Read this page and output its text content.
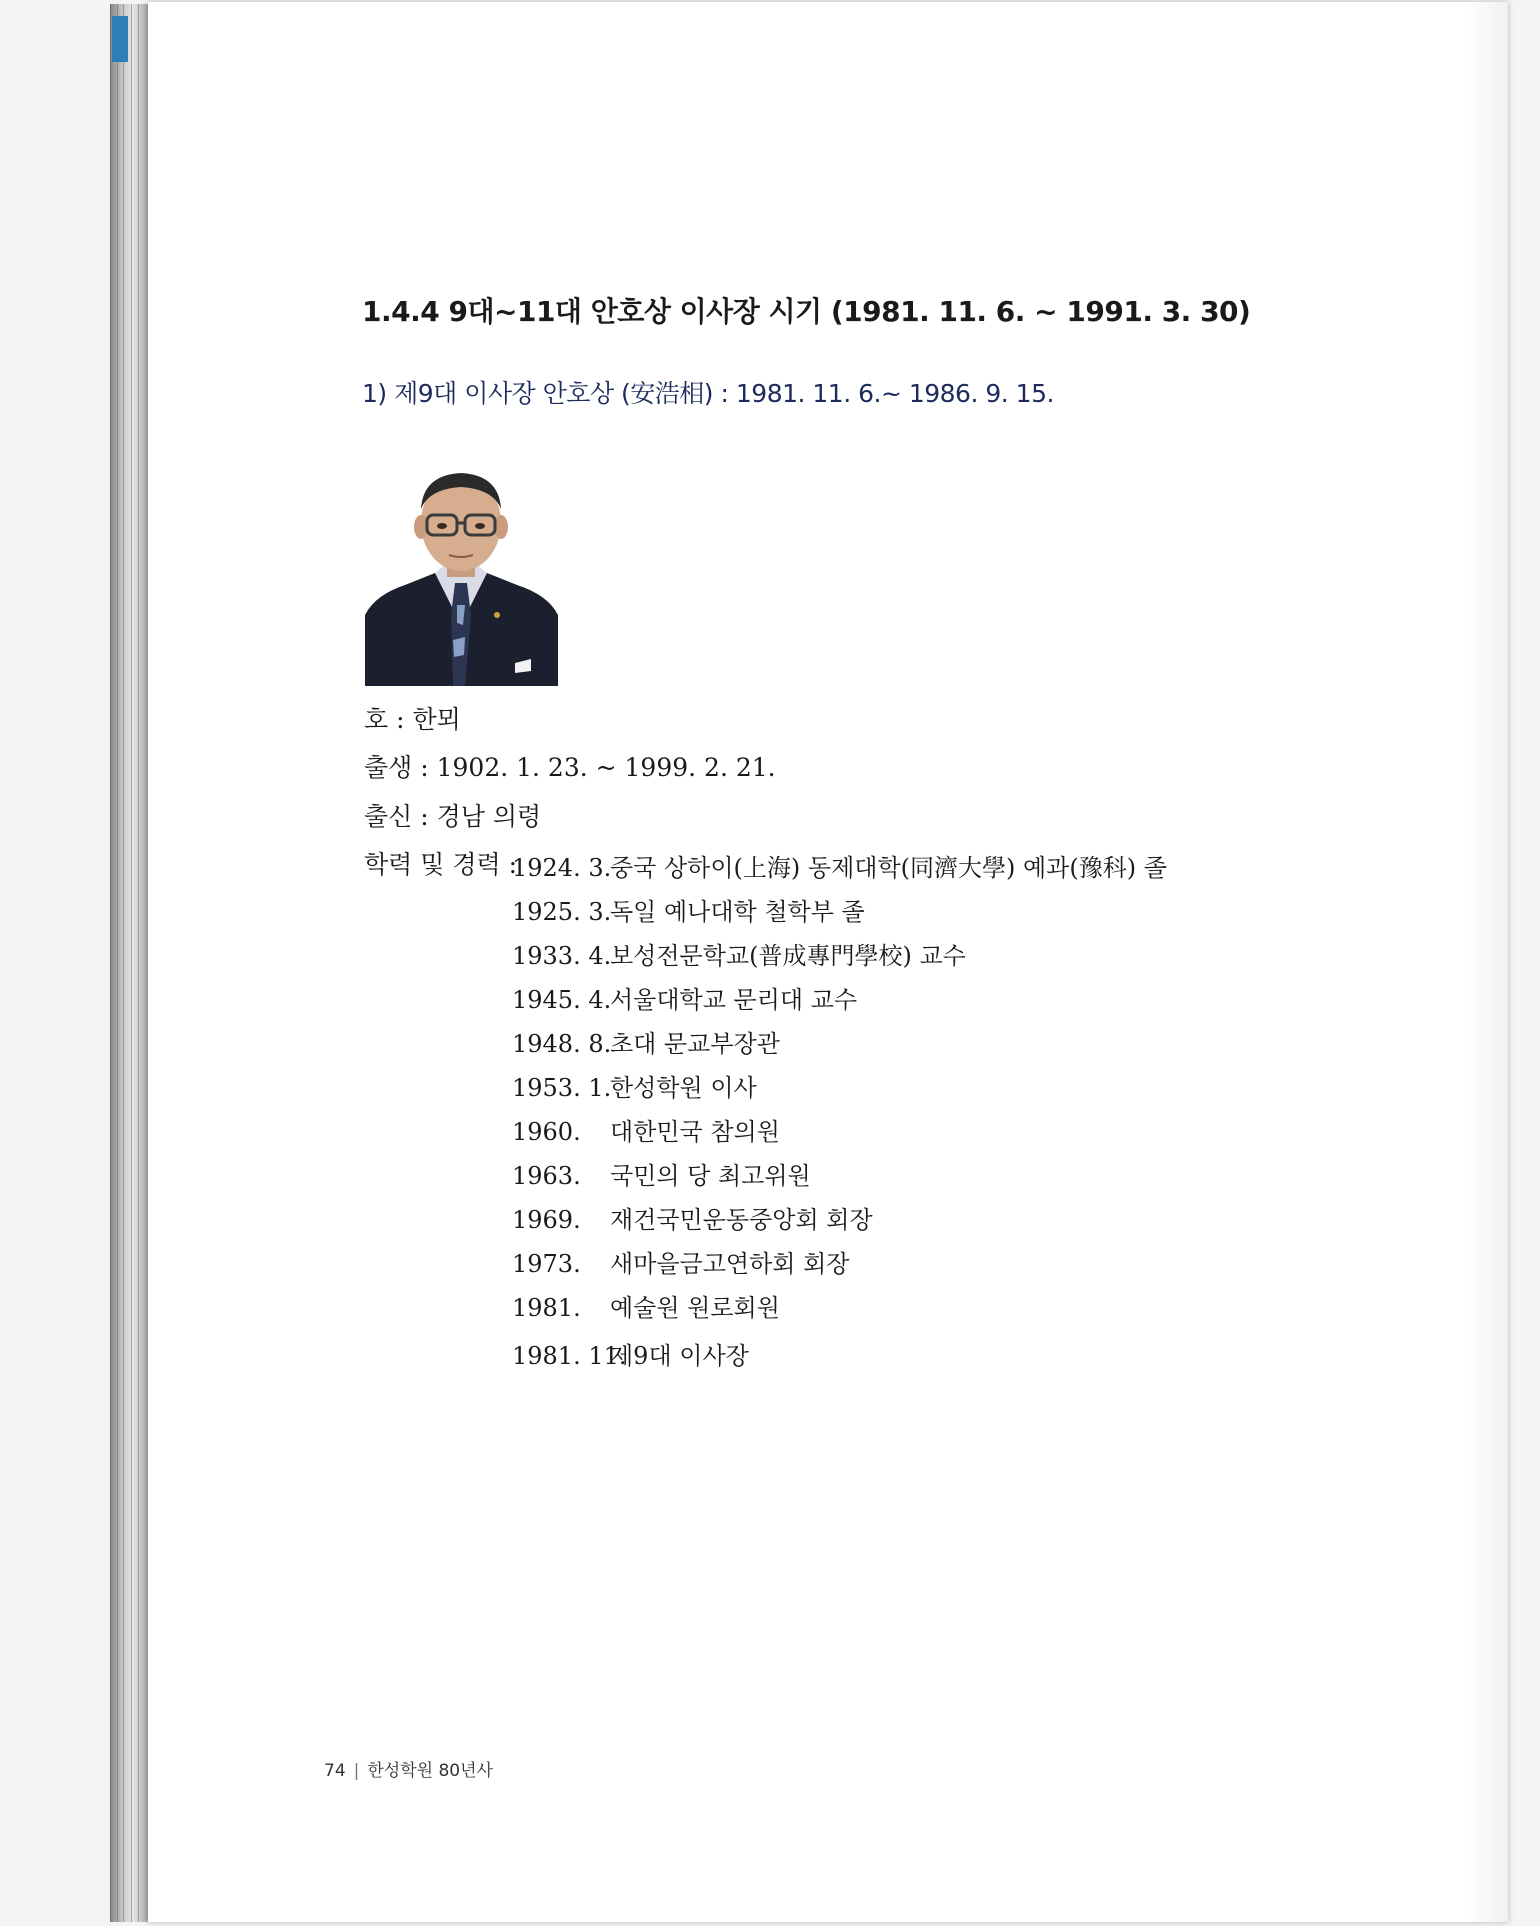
1.4.4 9대~11대 안호상 이사장 시기 (1981. 11. 6. ~ 1991. 3. 30)
1) 제9대 이사장 안호상 (安浩相) : 1981. 11. 6.~ 1986. 9. 15.
호 : 한뫼
출생 : 1902. 1. 23. ~ 1999. 2. 21.
출신 : 경남 의령
학력 및 경력 :
1924. 3.중국 상하이(上海) 동제대학(同濟大學) 예과(豫科) 졸
1925. 3.독일 예나대학 철학부 졸
1933. 4.보성전문학교(普成專門學校) 교수
1945. 4.서울대학교 문리대 교수
1948. 8.초대 문교부장관
1953. 1.한성학원 이사
1960. 대한민국 참의원
1963. 국민의 당 최고위원
1969. 재건국민운동중앙회 회장
1973. 새마을금고연하회 회장
1981. 예술원 원로회원
1981. 11.제9대 이사장
74 | 한성학원 80년사
